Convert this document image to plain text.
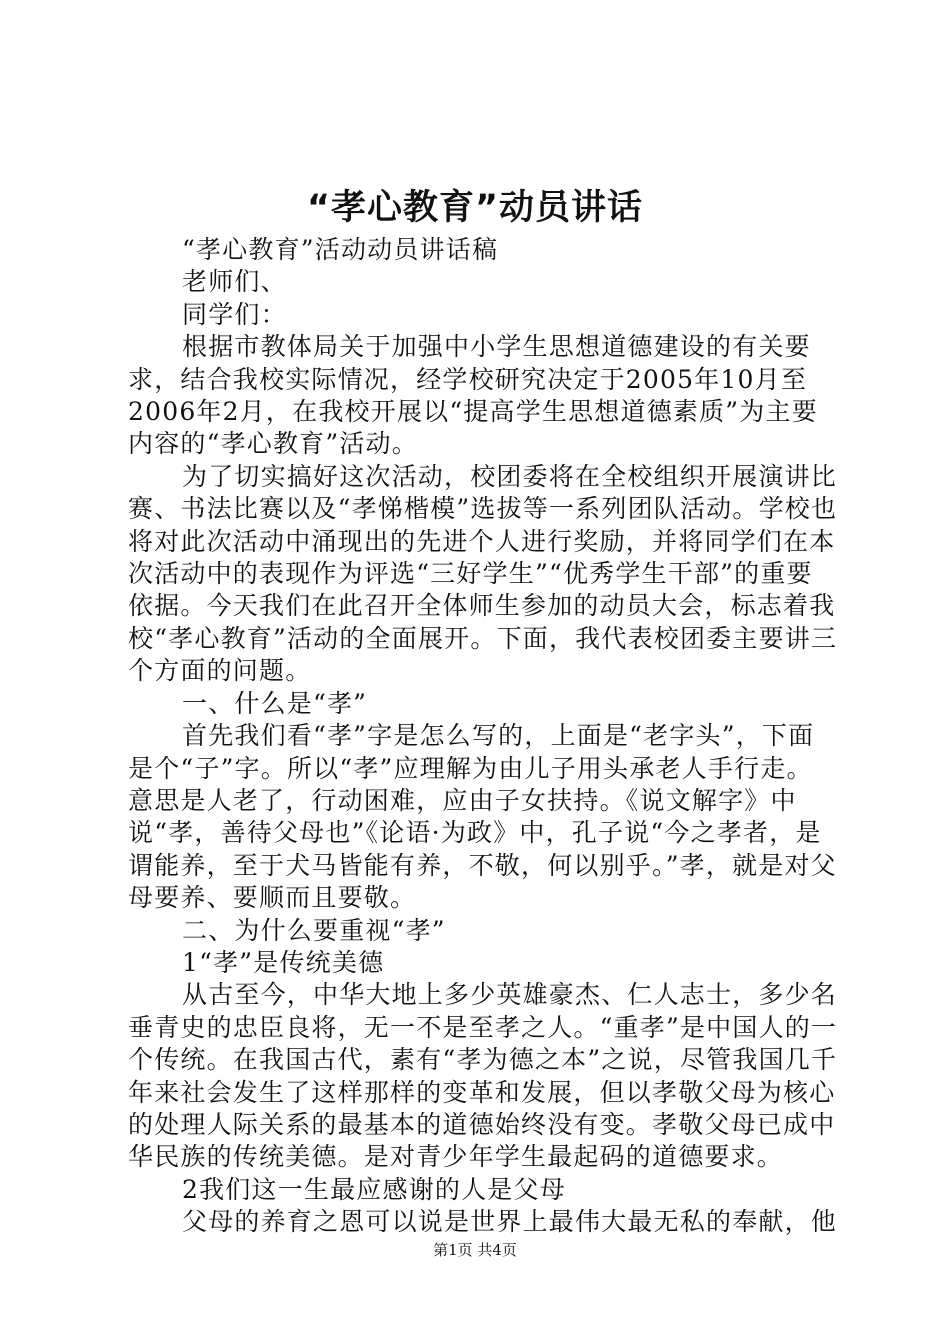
“孝心教育”动员讲话

“孝心教育”活动动员讲话稿

老师们、

同学们：

根据市教体局关于加强中小学生思想道德建设的有关要求，结合我校实际情况，经学校研究决定于2005年10月至2006年2月，在我校开展以“提高学生思想道德素质”为主要内容的“孝心教育”活动。

为了切实搞好这次活动，校团委将在全校组织开展演讲比赛、书法比赛以及“孝悌楷模”选拔等一系列团队活动。学校也将对此次活动中涌现出的先进个人进行奖励，并将同学们在本次活动中的表现作为评选“三好学生”“优秀学生干部”的重要依据。今天我们在此召开全体师生参加的动员大会，标志着我校“孝心教育”活动的全面展开。下面，我代表校团委主要讲三个方面的问题。

一、什么是“孝”

首先我们看“孝”字是怎么写的，上面是“老字头”，下面是个“子”字。所以“孝”应理解为由儿子用头承老人手行走。意思是人老了，行动困难，应由子女扶持。《说文解字》中说“孝，善待父母也”《论语·为政》中，孔子说“今之孝者，是谓能养，至于犬马皆能有养，不敬，何以别乎。”孝，就是对父母要养、要顺而且要敬。

二、为什么要重视“孝”

1“孝”是传统美德

从古至今，中华大地上多少英雄豪杰、仁人志士，多少名垂青史的忠臣良将，无一不是至孝之人。“重孝”是中国人的一个传统。在我国古代，素有“孝为德之本”之说，尽管我国几千年来社会发生了这样那样的变革和发展，但以孝敬父母为核心的处理人际关系的最基本的道德始终没有变。孝敬父母已成中华民族的传统美德。是对青少年学生最起码的道德要求。

2我们这一生最应感谢的人是父母

父母的养育之恩可以说是世界上最伟大最无私的奉献，他

第1页 共4页
